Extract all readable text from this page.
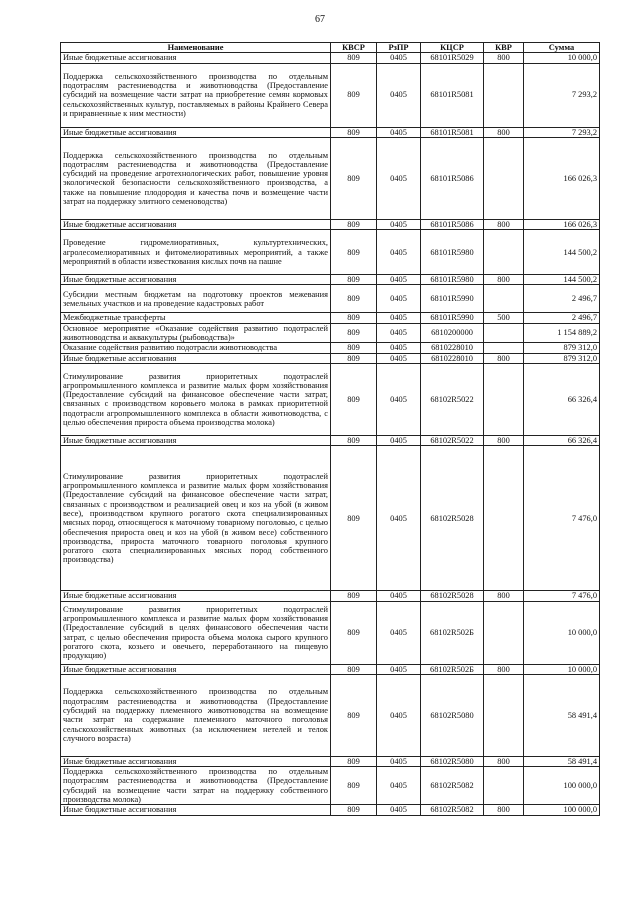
67
Наименование	КВСР	РзПР	КЦСР	КВР	Сумма
Иные бюджетные ассигнования	809	0405	68101R5029	800	10 000,0
Поддержка сельскохозяйственного производства по отдельным подотраслям растениеводства и животноводства (Предоставление субсидий на возмещение части затрат на приобретение семян кормовых сельскохозяйственных культур, поставляемых в районы Крайнего Севера и приравненные к ним местности)	809	0405	68101R5081		7 293,2
Иные бюджетные ассигнования	809	0405	68101R5081	800	7 293,2
Поддержка сельскохозяйственного производства по отдельным подотраслям растениеводства и животноводства (Предоставление субсидий на проведение агротехнологических работ, повышение уровня экологической безопасности сельскохозяйственного производства, а также на повышение плодородия и качества почв и возмещение части затрат на поддержку элитного семеноводства)	809	0405	68101R5086		166 026,3
Иные бюджетные ассигнования	809	0405	68101R5086	800	166 026,3
Проведение гидромелиоративных, культуртехнических, агролесомелиоративных и фитомелиоративных мероприятий, а также мероприятий в области известкования кислых почв на пашне	809	0405	68101R5980		144 500,2
Иные бюджетные ассигнования	809	0405	68101R5980	800	144 500,2
Субсидии местным бюджетам на подготовку проектов межевания земельных участков и на проведение кадастровых работ	809	0405	68101R5990		2 496,7
Межбюджетные трансферты	809	0405	68101R5990	500	2 496,7
Основное мероприятие «Оказание содействия развитию подотраслей животноводства и аквакультуры (рыбоводства)»	809	0405	6810200000		1 154 889,2
Оказание содействия развитию подотрасли животноводства	809	0405	6810228010		879 312,0
Иные бюджетные ассигнования	809	0405	6810228010	800	879 312,0
Стимулирование развития приоритетных подотраслей агропромышленного комплекса и развитие малых форм хозяйствования (Предоставление субсидий на финансовое обеспечение части затрат, связанных с производством коровьего молока в рамках приоритетной подотрасли агропромышленного комплекса в области животноводства, с целью обеспечения прироста объема производства молока)	809	0405	68102R5022		66 326,4
Иные бюджетные ассигнования	809	0405	68102R5022	800	66 326,4
Стимулирование развития приоритетных подотраслей агропромышленного комплекса и развитие малых форм хозяйствования (Предоставление субсидий на финансовое обеспечение части затрат, связанных с производством и реализацией овец и коз на убой (в живом весе), производством крупного рогатого скота специализированных мясных пород, относящегося к маточному товарному поголовью, с целью обеспечения прироста овец и коз на убой (в живом весе) собственного производства, прироста маточного товарного поголовья крупного рогатого скота специализированных мясных пород собственного производства)	809	0405	68102R5028		7 476,0
Иные бюджетные ассигнования	809	0405	68102R5028	800	7 476,0
Стимулирование развития приоритетных подотраслей агропромышленного комплекса и развитие малых форм хозяйствования (Предоставление субсидий в целях финансового обеспечения части затрат, с целью обеспечения прироста объема молока сырого крупного рогатого скота, козьего и овечьего, переработанного на пищевую продукцию)	809	0405	68102R502Б		10 000,0
Иные бюджетные ассигнования	809	0405	68102R502Б	800	10 000,0
Поддержка сельскохозяйственного производства по отдельным подотраслям растениеводства и животноводства (Предоставление субсидий на поддержку племенного животноводства на возмещение части затрат на содержание племенного маточного поголовья сельскохозяйственных животных (за исключением нетелей и телок случного возраста)	809	0405	68102R5080		58 491,4
Иные бюджетные ассигнования	809	0405	68102R5080	800	58 491,4
Поддержка сельскохозяйственного производства по отдельным подотраслям растениеводства и животноводства (Предоставление субсидий на возмещение части затрат на поддержку собственного производства молока)	809	0405	68102R5082		100 000,0
Иные бюджетные ассигнования	809	0405	68102R5082	800	100 000,0
